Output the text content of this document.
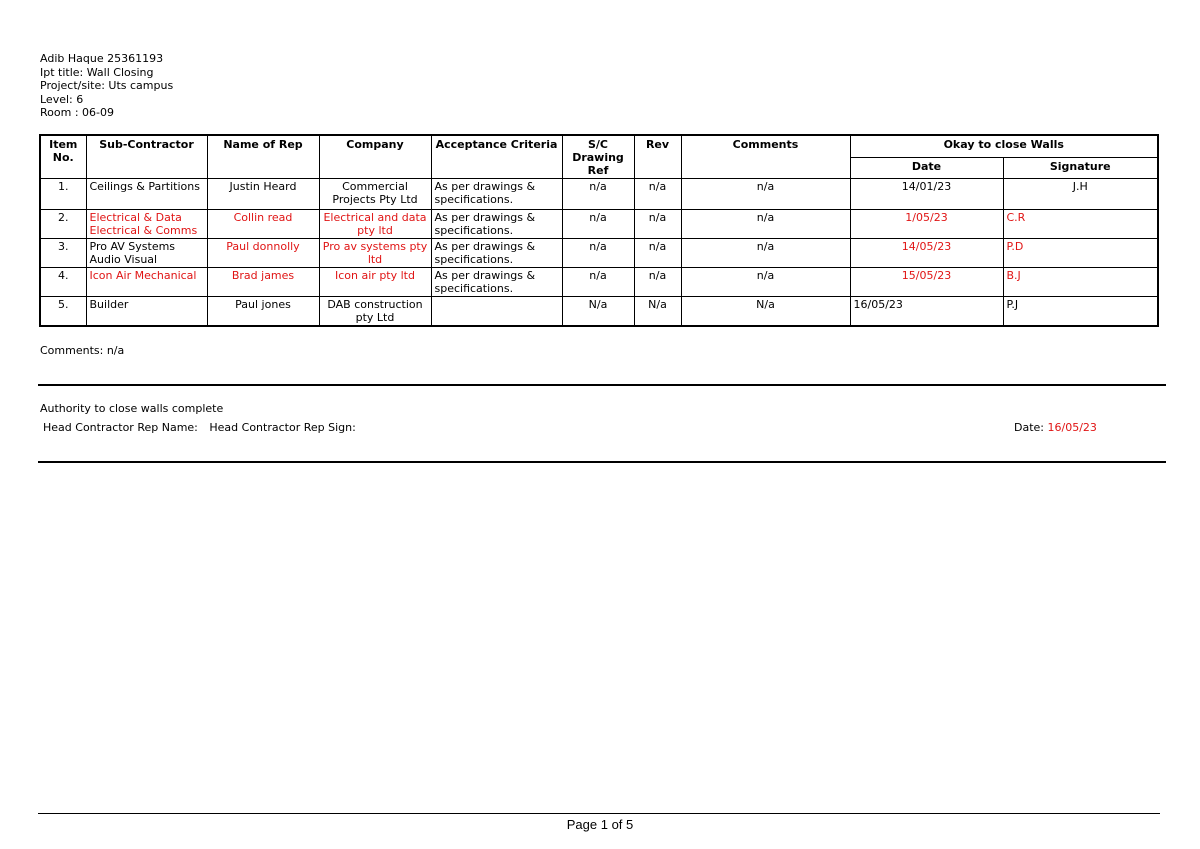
Adib Haque 25361193
Ipt title: Wall Closing
Project/site: Uts campus
Level: 6
Room : 06-09
Item No.	Sub-Contractor	Name of Rep	Company	Acceptance Criteria	S/C Drawing Ref	Rev	Comments	Okay to close Walls	
								Date	Signature
1.	Ceilings & Partitions	Justin Heard	Commercial Projects Pty Ltd	As per drawings & specifications.	n/a	n/a	n/a	14/01/23	J.H
2.	Electrical & Data Electrical & Comms	Collin read	Electrical and data pty ltd	As per drawings & specifications.	n/a	n/a	n/a	1/05/23	C.R
3.	Pro AV Systems Audio Visual	Paul donnolly	Pro av systems pty ltd	As per drawings & specifications.	n/a	n/a	n/a	14/05/23	P.D
4.	Icon Air Mechanical	Brad james	Icon air pty ltd	As per drawings & specifications.	n/a	n/a	n/a	15/05/23	B.J
5.	Builder	Paul jones	DAB construction pty Ltd		N/a	N/a	N/a	16/05/23	P.J
Comments: n/a
Authority to close walls complete
Head Contractor Rep Name: Head Contractor Rep Sign:	Date: 16/05/23
Page 1 of 5
